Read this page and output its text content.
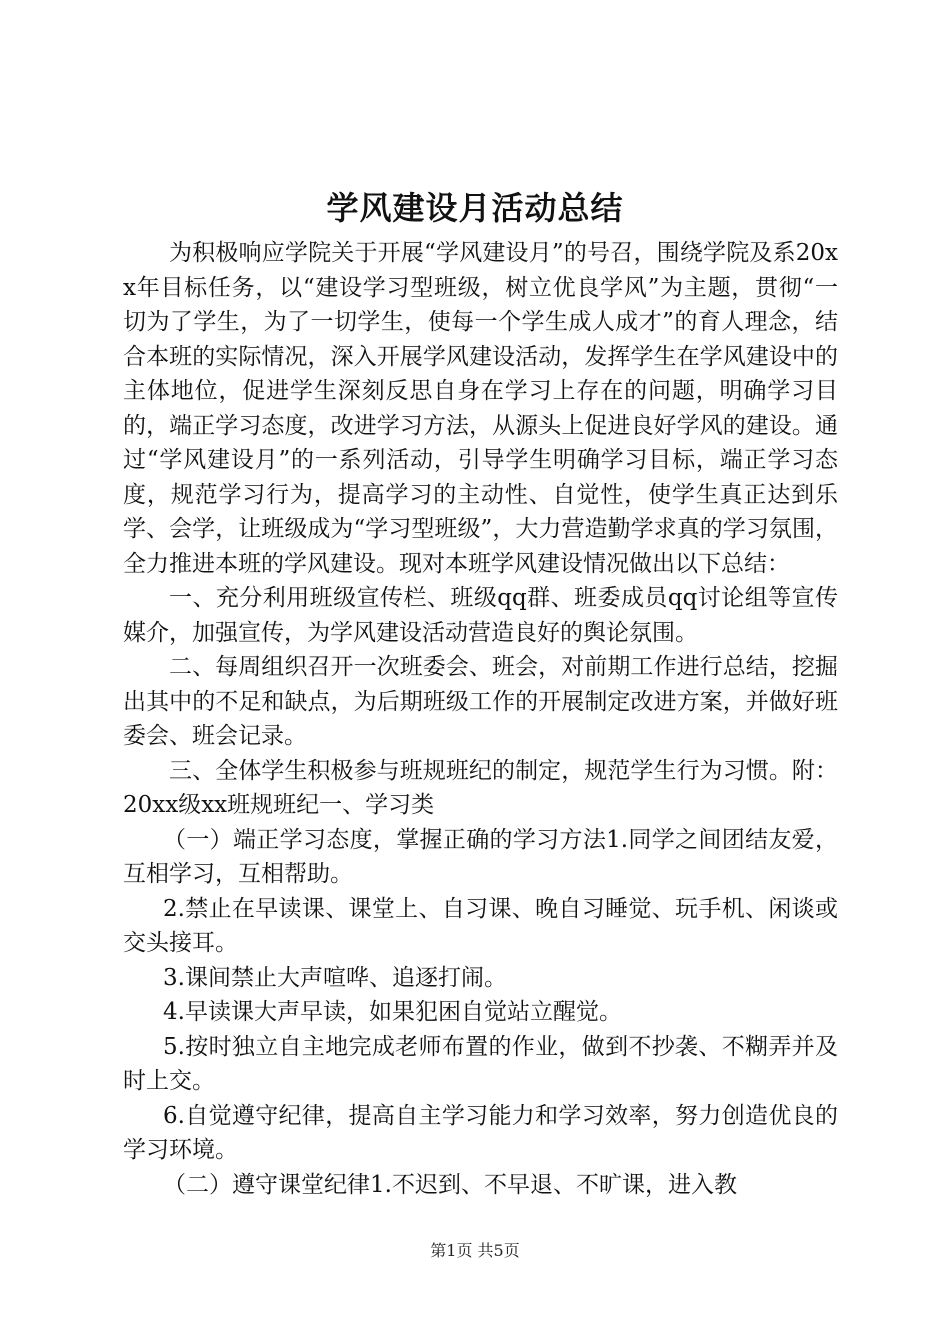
学风建设月活动总结

为积极响应学院关于开展“学风建设月”的号召，围绕学院及系20xx年目标任务，以“建设学习型班级，树立优良学风”为主题，贯彻“一切为了学生，为了一切学生，使每一个学生成人成才”的育人理念，结合本班的实际情况，深入开展学风建设活动，发挥学生在学风建设中的主体地位，促进学生深刻反思自身在学习上存在的问题，明确学习目的，端正学习态度，改进学习方法，从源头上促进良好学风的建设。通过“学风建设月”的一系列活动，引导学生明确学习目标，端正学习态度，规范学习行为，提高学习的主动性、自觉性，使学生真正达到乐学、会学，让班级成为“学习型班级”，大力营造勤学求真的学习氛围，全力推进本班的学风建设。现对本班学风建设情况做出以下总结：

一、充分利用班级宣传栏、班级qq群、班委成员qq讨论组等宣传媒介，加强宣传，为学风建设活动营造良好的舆论氛围。

二、每周组织召开一次班委会、班会，对前期工作进行总结，挖掘出其中的不足和缺点，为后期班级工作的开展制定改进方案，并做好班委会、班会记录。

三、全体学生积极参与班规班纪的制定，规范学生行为习惯。附：20xx级xx班规班纪一、学习类

（一）端正学习态度，掌握正确的学习方法1.同学之间团结友爱，互相学习，互相帮助。

2.禁止在早读课、课堂上、自习课、晚自习睡觉、玩手机、闲谈或交头接耳。

3.课间禁止大声喧哗、追逐打闹。

4.早读课大声早读，如果犯困自觉站立醒觉。

5.按时独立自主地完成老师布置的作业，做到不抄袭、不糊弄并及时上交。

6.自觉遵守纪律，提高自主学习能力和学习效率，努力创造优良的学习环境。

（二）遵守课堂纪律1.不迟到、不早退、不旷课，进入教

第1页 共5页
